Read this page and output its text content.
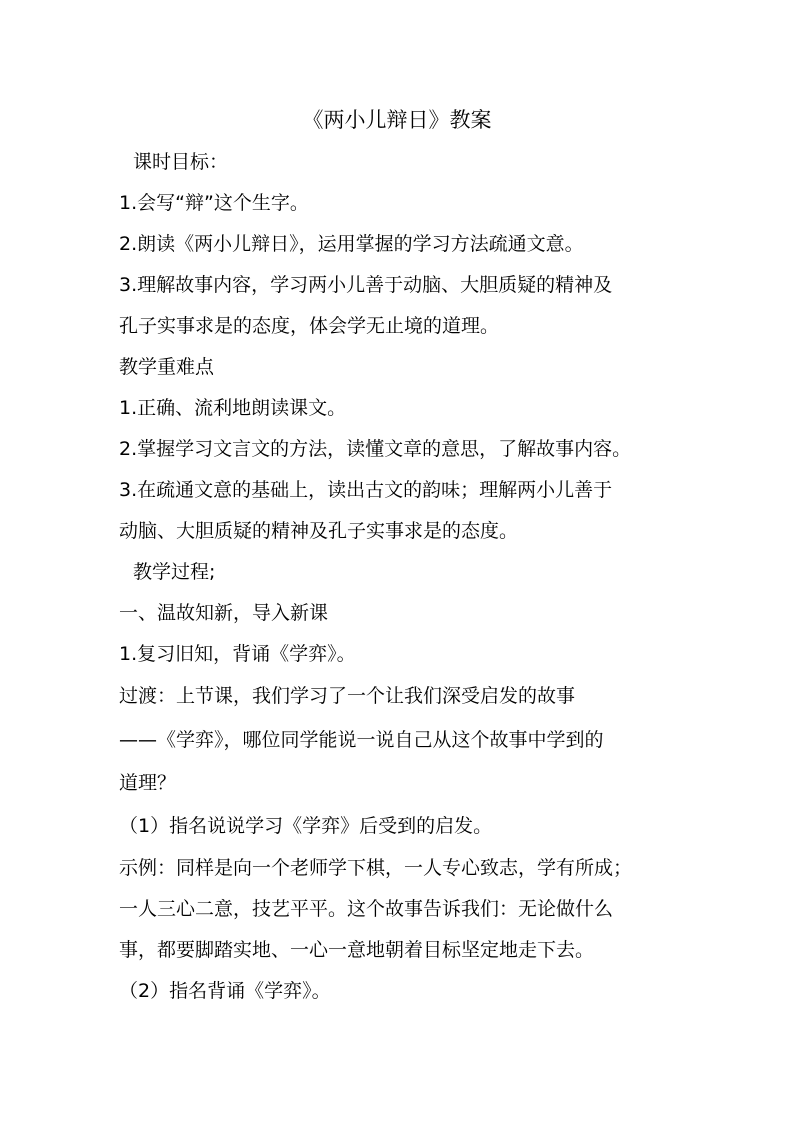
《两小儿辩日》教案
课时目标：
1.会写“辩”这个生字。
2.朗读《两小儿辩日》，运用掌握的学习方法疏通文意。
3.理解故事内容，学习两小儿善于动脑、大胆质疑的精神及
孔子实事求是的态度，体会学无止境的道理。
教学重难点
1.正确、流利地朗读课文。
2.掌握学习文言文的方法，读懂文章的意思，了解故事内容。
3.在疏通文意的基础上，读出古文的韵味；理解两小儿善于
动脑、大胆质疑的精神及孔子实事求是的态度。
教学过程;
一、温故知新，导入新课
1.复习旧知，背诵《学弈》。
过渡：上节课，我们学习了一个让我们深受启发的故事
——《学弈》，哪位同学能说一说自己从这个故事中学到的
道理？
（1）指名说说学习《学弈》后受到的启发。
示例：同样是向一个老师学下棋，一人专心致志，学有所成；
一人三心二意，技艺平平。这个故事告诉我们：无论做什么
事，都要脚踏实地、一心一意地朝着目标坚定地走下去。
（2）指名背诵《学弈》。
